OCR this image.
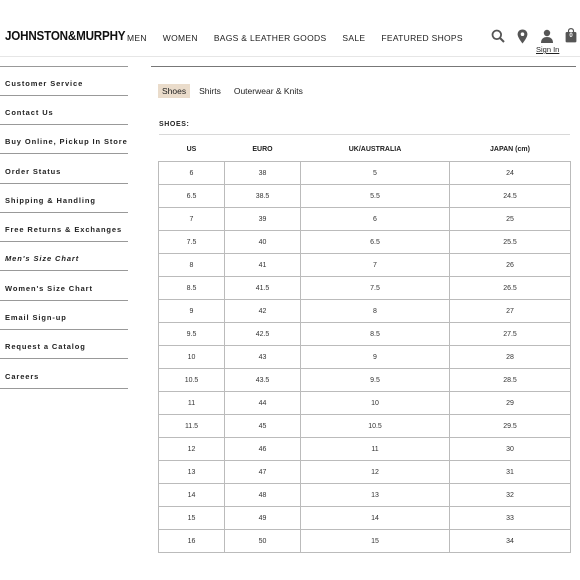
JOHNSTON&MURPHY MEN WOMEN BAGS & LEATHER GOODS SALE FEATURED SHOPS
Sign In
0
Customer Service
Contact Us
Buy Online, Pickup In Store
Order Status
Shipping & Handling
Free Returns & Exchanges
Men's Size Chart
Women's Size Chart
Email Sign-up
Request a Catalog
Careers
Shoes	Shirts	Outerwear & Knits
SHOES:
US	EURO	UK/AUSTRALIA	JAPAN (cm)
6	38	5	24
6.5	38.5	5.5	24.5
7	39	6	25
7.5	40	6.5	25.5
8	41	7	26
8.5	41.5	7.5	26.5
9	42	8	27
9.5	42.5	8.5	27.5
10	43	9	28
10.5	43.5	9.5	28.5
11	44	10	29
11.5	45	10.5	29.5
12	46	11	30
13	47	12	31
14	48	13	32
15	49	14	33
16	50	15	34
